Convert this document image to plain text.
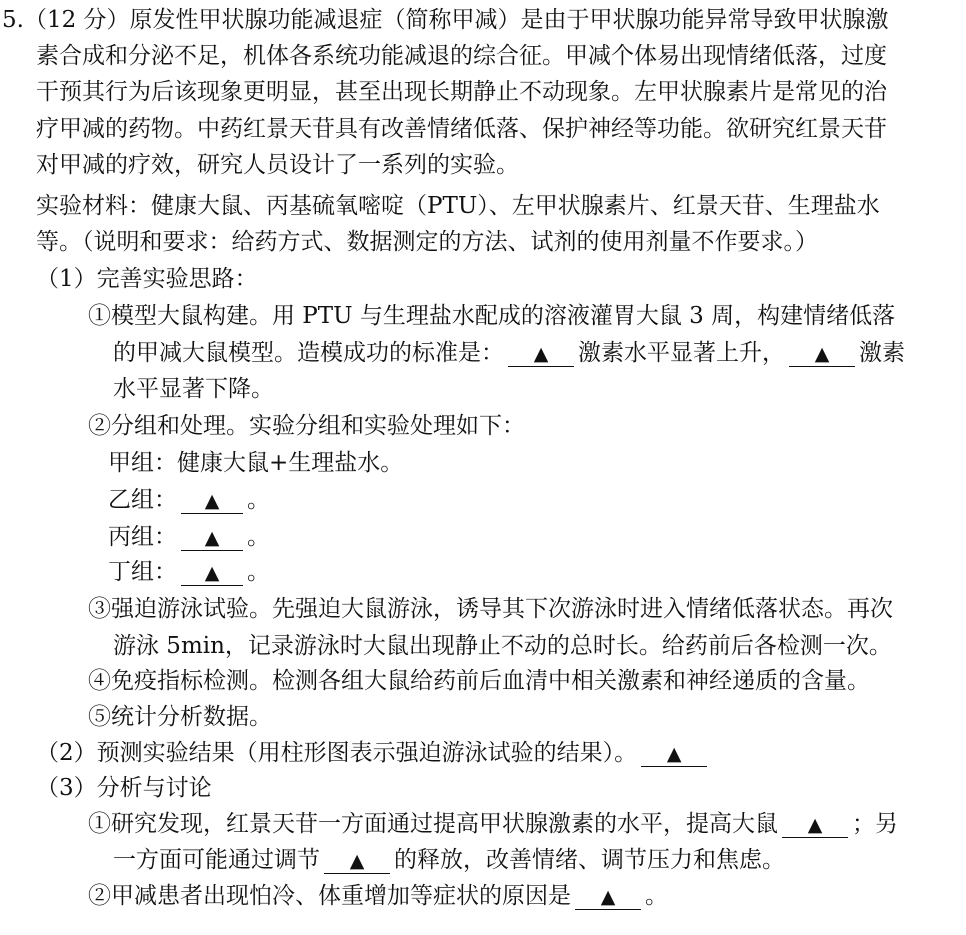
5.（12 分）原发性甲状腺功能减退症（简称甲减）是由于甲状腺功能异常导致甲状腺激
素合成和分泌不足，机体各系统功能减退的综合征。甲减个体易出现情绪低落，过度
干预其行为后该现象更明显，甚至出现长期静止不动现象。左甲状腺素片是常见的治
疗甲减的药物。中药红景天苷具有改善情绪低落、保护神经等功能。欲研究红景天苷
对甲减的疗效，研究人员设计了一系列的实验。
实验材料：健康大鼠、丙基硫氧嘧啶（PTU）、左甲状腺素片、红景天苷、生理盐水
等。（说明和要求：给药方式、数据测定的方法、试剂的使用剂量不作要求。）
（1）完善实验思路：
①模型大鼠构建。用 PTU 与生理盐水配成的溶液灌胃大鼠 3 周，构建情绪低落
的甲减大鼠模型。造模成功的标准是： ▲ 激素水平显著上升， ▲ 激素
水平显著下降。
②分组和处理。实验分组和实验处理如下：
甲组：健康大鼠+生理盐水。
乙组： ▲ 。
丙组： ▲ 。
丁组： ▲ 。
③强迫游泳试验。先强迫大鼠游泳，诱导其下次游泳时进入情绪低落状态。再次
游泳 5min，记录游泳时大鼠出现静止不动的总时长。给药前后各检测一次。
④免疫指标检测。检测各组大鼠给药前后血清中相关激素和神经递质的含量。
⑤统计分析数据。
（2）预测实验结果（用柱形图表示强迫游泳试验的结果）。 ▲
（3）分析与讨论
①研究发现，红景天苷一方面通过提高甲状腺激素的水平，提高大鼠 ▲ ；另
一方面可能通过调节 ▲ 的释放，改善情绪、调节压力和焦虑。
②甲减患者出现怕冷、体重增加等症状的原因是 ▲ 。
